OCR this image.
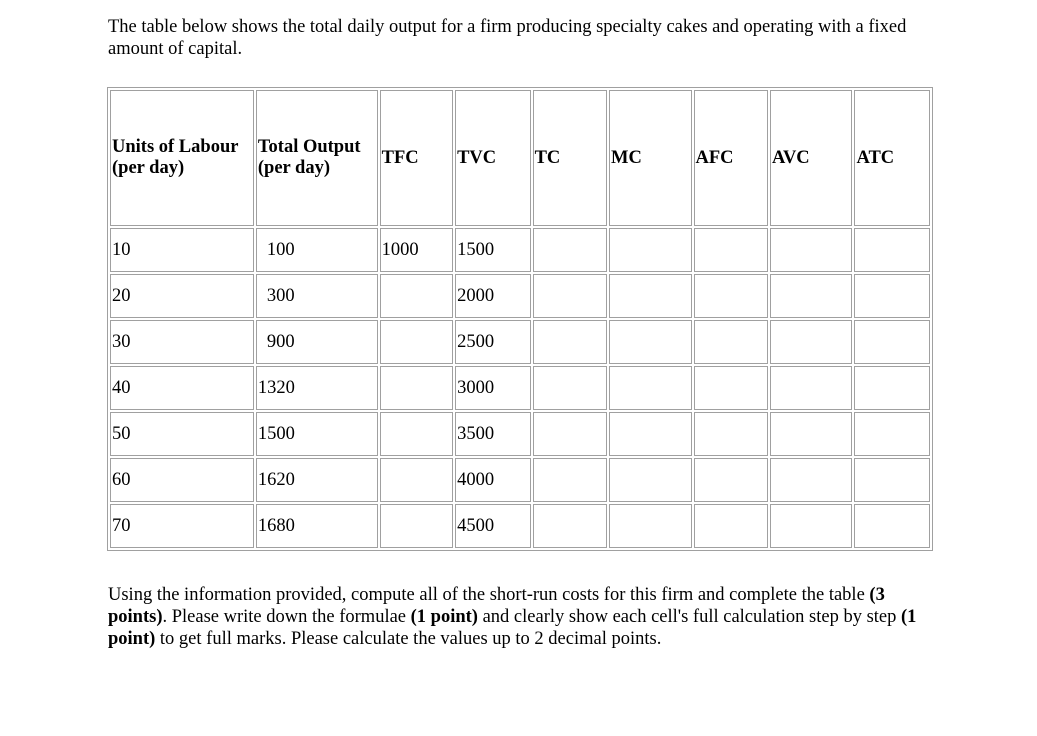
The table below shows the total daily output for a firm producing specialty cakes and operating with a fixed amount of capital.

Units of Labour (per day)	Total Output (per day)	TFC	TVC	TC	MC	AFC	AVC	ATC
10	100	1000	1500					
20	300		2000					
30	900		2500					
40	1320		3000					
50	1500		3500					
60	1620		4000					
70	1680		4500					

Using the information provided, compute all of the short-run costs for this firm and complete the table (3 points). Please write down the formulae (1 point) and clearly show each cell's full calculation step by step (1 point) to get full marks. Please calculate the values up to 2 decimal points.
